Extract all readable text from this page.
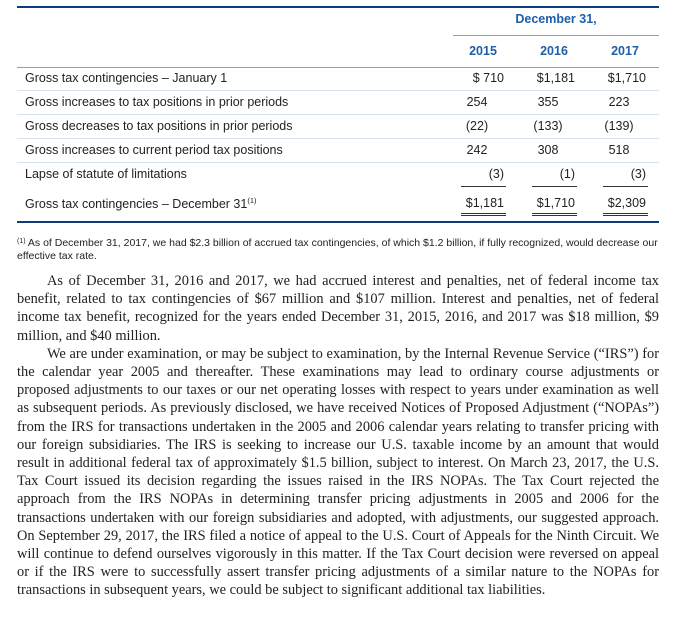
December 31,
2015	2016	2017
Gross tax contingencies – January 1	$ 710	$1,181	$1,710
Gross increases to tax positions in prior periods	254	355	223
Gross decreases to tax positions in prior periods	(22)	(133)	(139)
Gross increases to current period tax positions	242	308	518
Lapse of statute of limitations	(3)	(1)	(3)
Gross tax contingencies – December 31$^{(1)}$	$1,181	$1,710	$2,309
$^{(1)}$ As of December 31, 2017, we had $2.3 billion of accrued tax contingencies, of which $1.2 billion, if fully recognized, would decrease our effective tax rate.

As of December 31, 2016 and 2017, we had accrued interest and penalties, net of federal income tax benefit, related to tax contingencies of $67 million and $107 million. Interest and penalties, net of federal income tax benefit, recognized for the years ended December 31, 2015, 2016, and 2017 was $18 million, $9 million, and $40 million.

We are under examination, or may be subject to examination, by the Internal Revenue Service (“IRS”) for the calendar year 2005 and thereafter. These examinations may lead to ordinary course adjustments or proposed adjustments to our taxes or our net operating losses with respect to years under examination as well as subsequent periods. As previously disclosed, we have received Notices of Proposed Adjustment (“NOPAs”) from the IRS for transactions undertaken in the 2005 and 2006 calendar years relating to transfer pricing with our foreign subsidiaries. The IRS is seeking to increase our U.S. taxable income by an amount that would result in additional federal tax of approximately $1.5 billion, subject to interest. On March 23, 2017, the U.S. Tax Court issued its decision regarding the issues raised in the IRS NOPAs. The Tax Court rejected the approach from the IRS NOPAs in determining transfer pricing adjustments in 2005 and 2006 for the transactions undertaken with our foreign subsidiaries and adopted, with adjustments, our suggested approach. On September 29, 2017, the IRS filed a notice of appeal to the U.S. Court of Appeals for the Ninth Circuit. We will continue to defend ourselves vigorously in this matter. If the Tax Court decision were reversed on appeal or if the IRS were to successfully assert transfer pricing adjustments of a similar nature to the NOPAs for transactions in subsequent years, we could be subject to significant additional tax liabilities.
